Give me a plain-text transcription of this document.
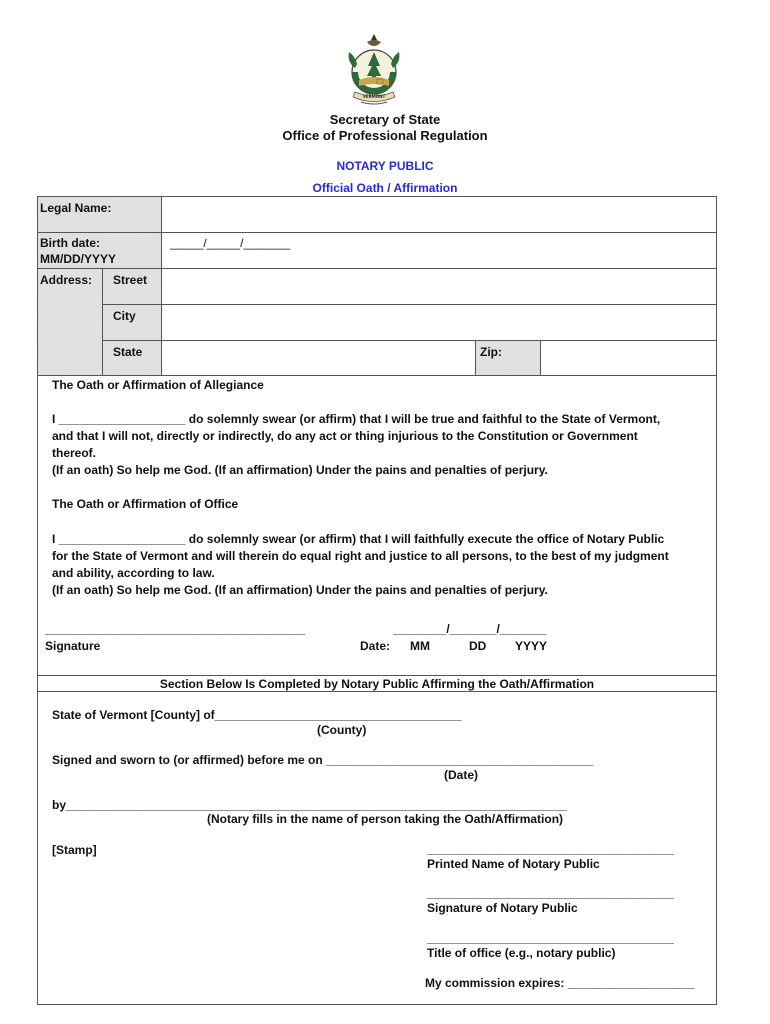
VERMONT
Secretary of State
Office of Professional Regulation
NOTARY PUBLIC
Official Oath / Affirmation
Legal Name:
Birth date:
MM/DD/YYYY
_____/_____/_______
Address: Street
City
State	Zip:
The Oath or Affirmation of Allegiance
I ___________________ do solemnly swear (or affirm) that I will be true and faithful to the State of Vermont,
and that I will not, directly or indirectly, do any act or thing injurious to the Constitution or Government
thereof.
(If an oath) So help me God. (If an affirmation) Under the pains and penalties of perjury.
The Oath or Affirmation of Office
I ___________________ do solemnly swear (or affirm) that I will faithfully execute the office of Notary Public
for the State of Vermont and will therein do equal right and justice to all persons, to the best of my judgment
and ability, according to law.
(If an oath) So help me God. (If an affirmation) Under the pains and penalties of perjury.
_______________________________________
Signature
________/_______/_______
Date: MM	DD YYYY
Section Below Is Completed by Notary Public Affirming the Oath/Affirmation
State of Vermont [County] of_____________________________________
(County)
Signed and sworn to (or affirmed) before me on ________________________________________
(Date)
by___________________________________________________________________________
(Notary fills in the name of person taking the Oath/Affirmation)
[Stamp]	_____________________________________
Printed Name of Notary Public
_____________________________________
Signature of Notary Public
_____________________________________
Title of office (e.g., notary public)
My commission expires: ___________________
